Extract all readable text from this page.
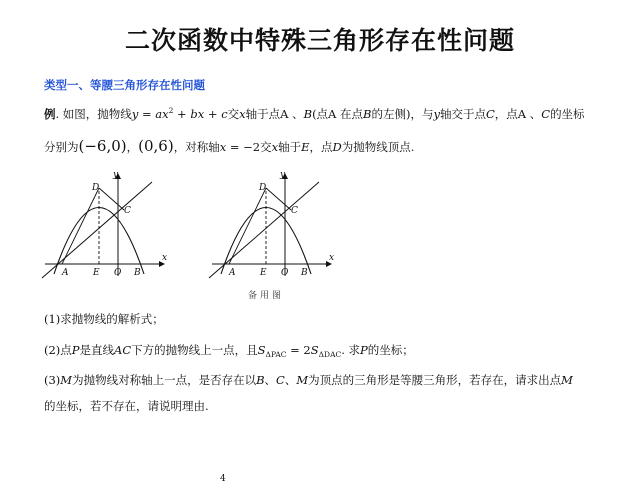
二次函数中特殊三角形存在性问题
类型一、等腰三角形存在性问题
例. 如图，抛物线$y = ax^2$ + bx + c交x轴于点A 、B(点A 在点B的左侧)，与y轴交于点C，点A 、C的坐标
分别为(−6,0)，(0,6)，对称轴x = −2交x轴于E，点D为抛物线顶点.
y
x
D
C
A	E O B
y
x
D
C
A	E O B
备用图
(1)求抛物线的解析式；
(2)点P是直线AC下方的抛物线上一点，且$S_{\Delta PAC} = 2S_{\Delta DAC}$. 求P的坐标；
(3)M为抛物线对称轴上一点，是否存在以B、C、M为顶点的三角形是等腰三角形，若存在，请求出点M
的坐标，若不存在，请说明理由.
4
